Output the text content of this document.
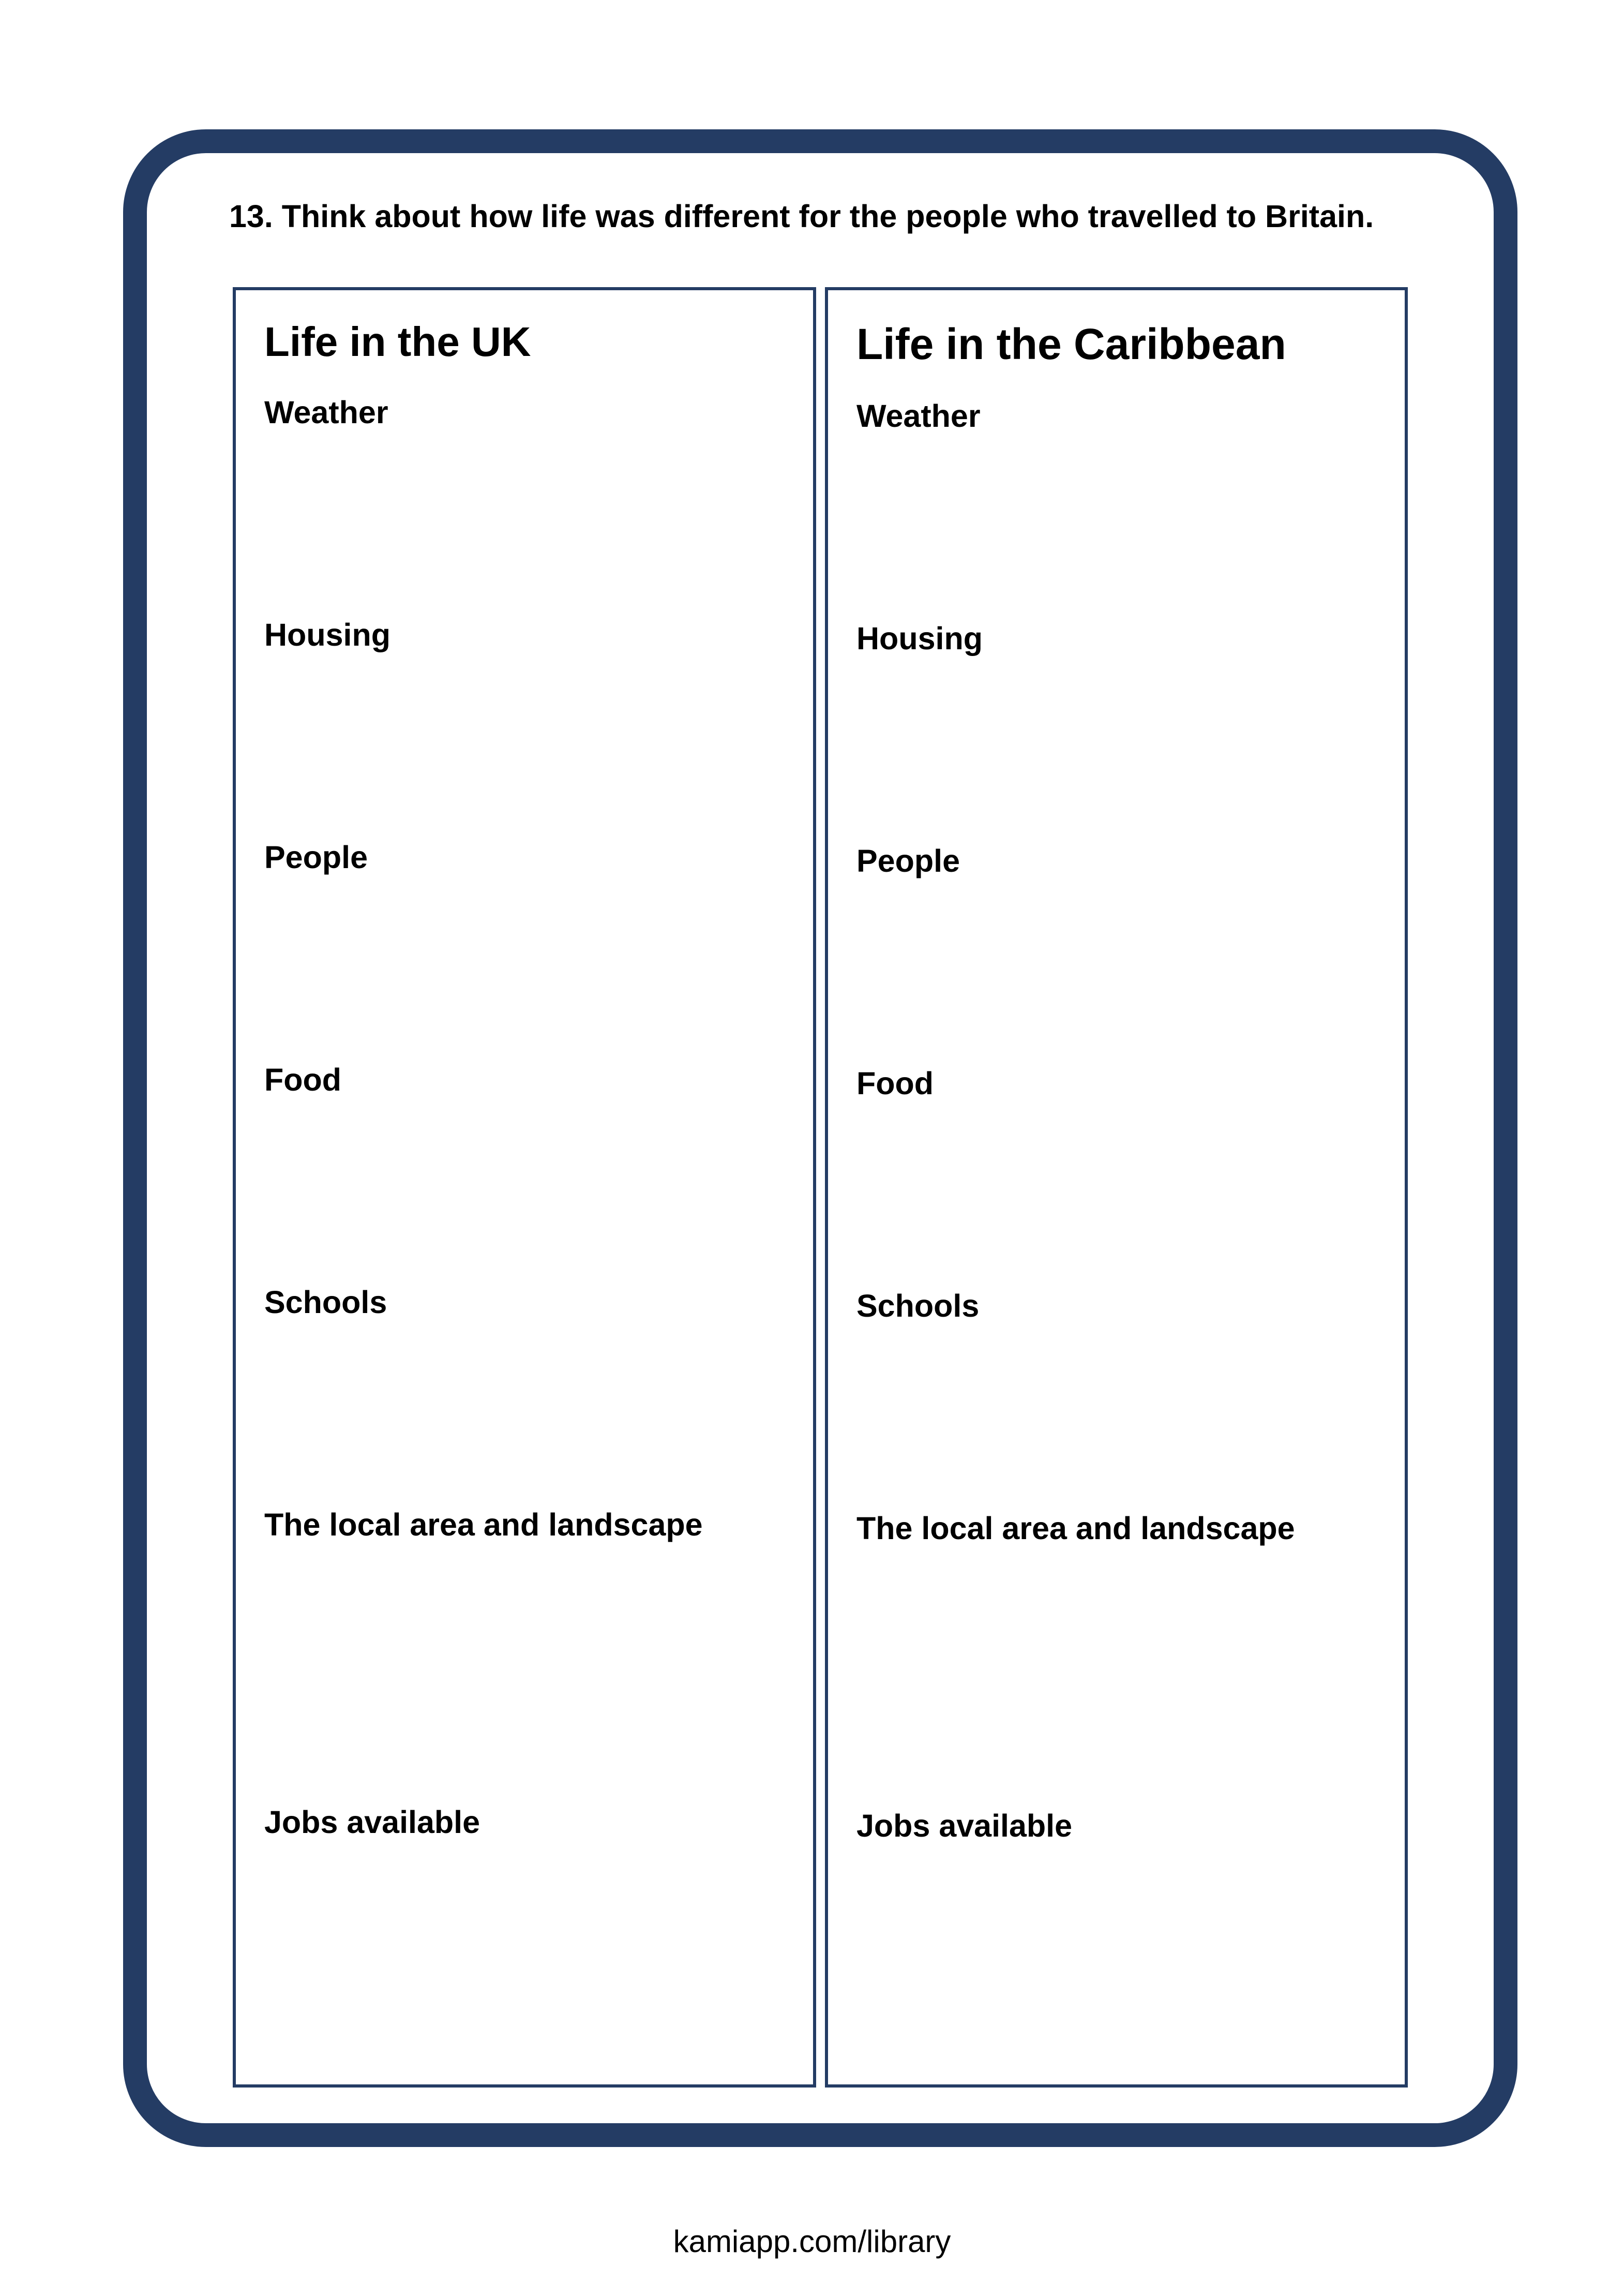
13. Think about how life was different for the people who travelled to Britain.

Life in the UK

Weather

Housing

People

Food

Schools

The local area and landscape

Jobs available

Life in the Caribbean

Weather

Housing

People

Food

Schools

The local area and landscape

Jobs available

kamiapp.com/library
